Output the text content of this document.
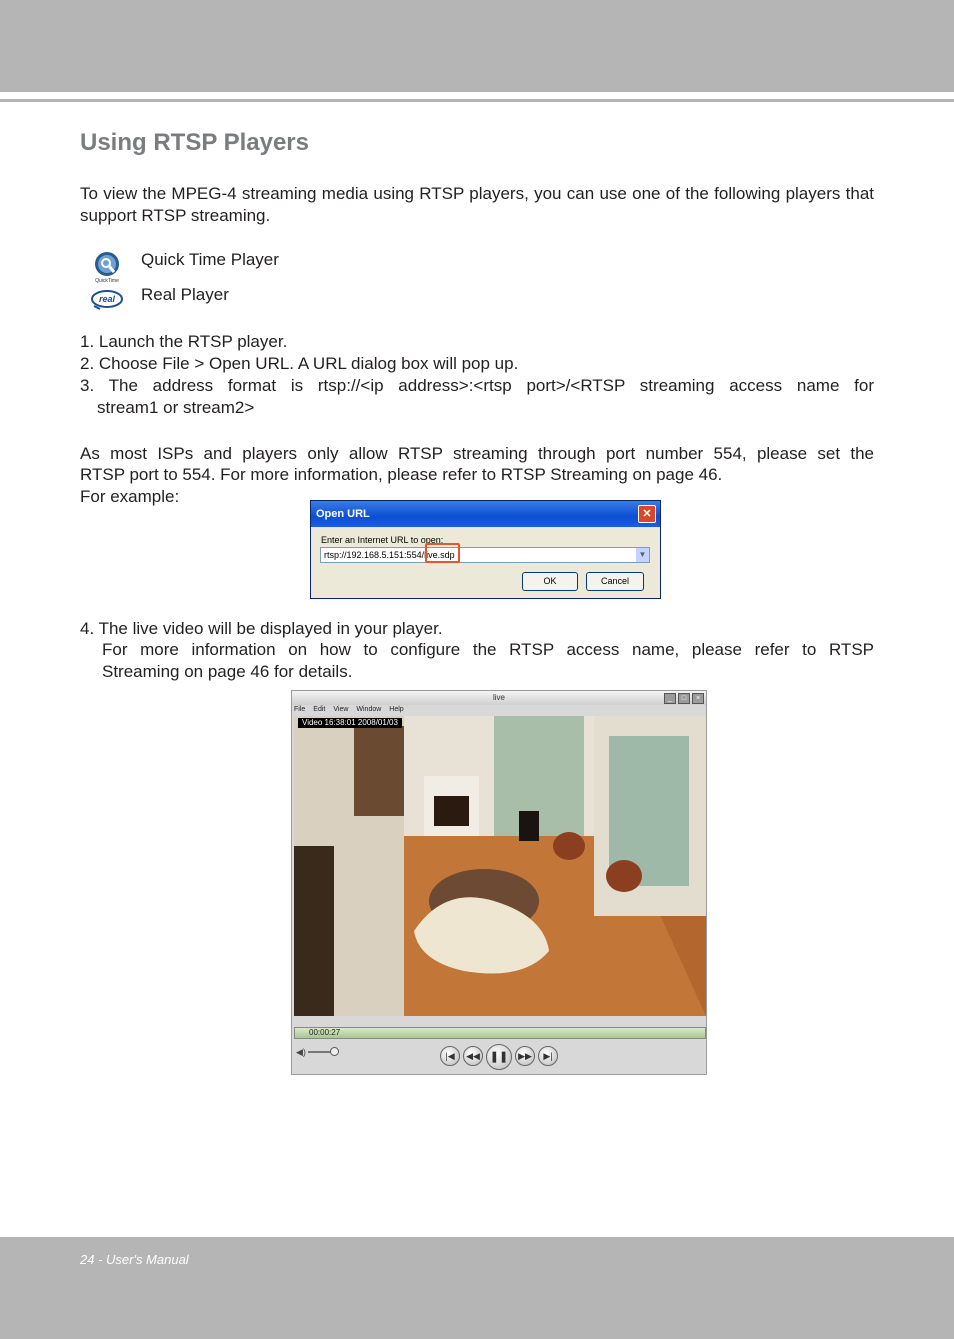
Using RTSP Players
To view the MPEG-4 streaming media using RTSP players, you can use one of the following players that support RTSP streaming.
QuickTime
Quick Time Player
real Real Player
1. Launch the RTSP player.
2. Choose File > Open URL. A URL dialog box will pop up.
3. The address format is rtsp://<ip address>:<rtsp port>/<RTSP streaming access name for
stream1 or stream2>
As most ISPs and players only allow RTSP streaming through port number 554, please set the
RTSP port to 554. For more information, please refer to RTSP Streaming on page 46.
For example:
Open URL	✕
Enter an Internet URL to open:
rtsp://192.168.5.151:554/live.sdp	▼
OK	Cancel
4. The live video will be displayed in your player.
For more information on how to configure the RTSP access name, please refer to RTSP
Streaming on page 46 for details.
live	_	□	×
File Edit View Window Help
Video 16:38:01 2008/01/03
00:00:27
◀)	|◀	◀◀ ❚❚	▶▶	▶|
24 - User's Manual
